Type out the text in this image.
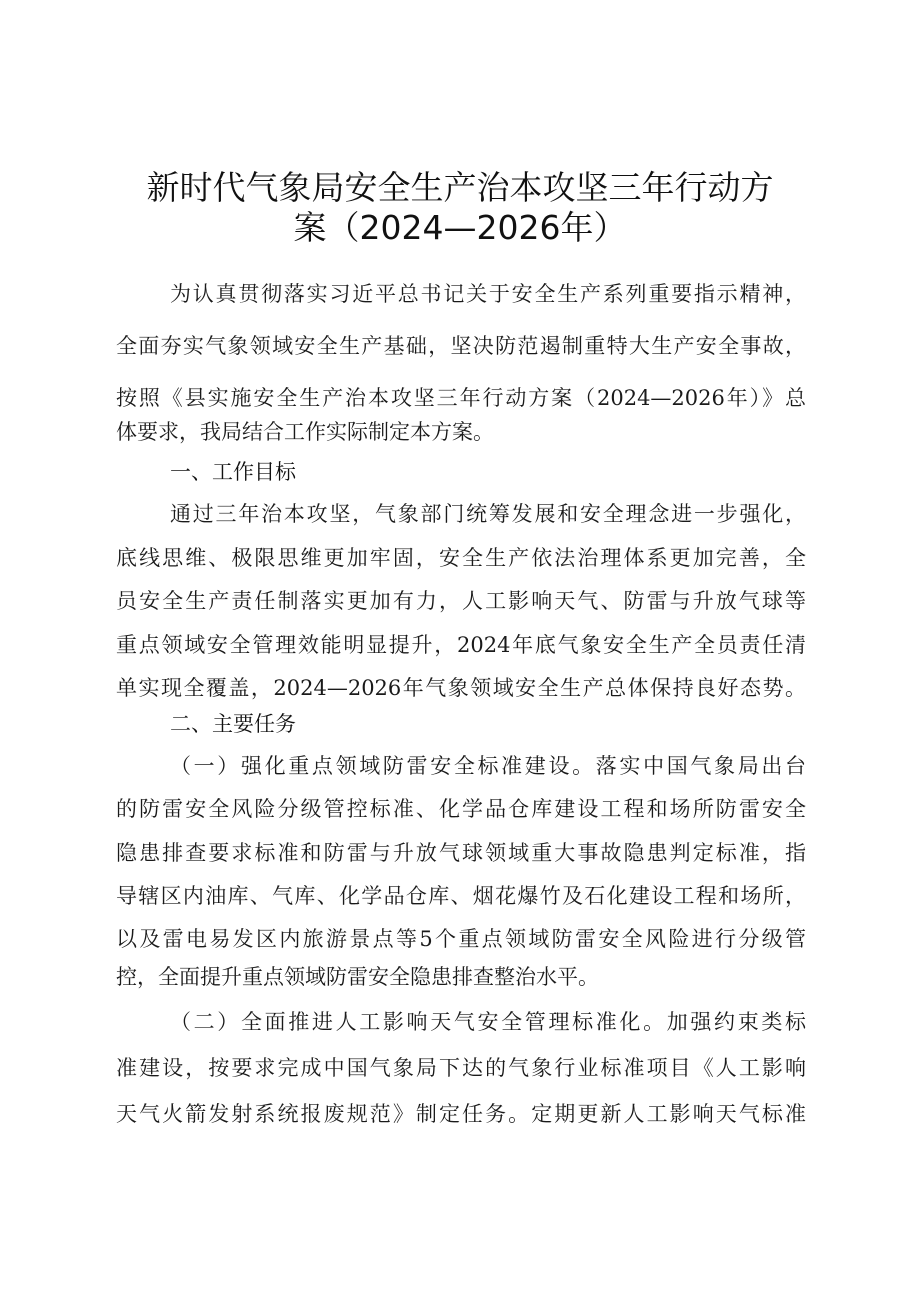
新时代气象局安全生产治本攻坚三年行动方
案（2024—2026年）
为认真贯彻落实习近平总书记关于安全生产系列重要指示精神，
全面夯实气象领域安全生产基础，坚决防范遏制重特大生产安全事故，
按照《县实施安全生产治本攻坚三年行动方案（2024—2026年）》总
体要求，我局结合工作实际制定本方案。
一、工作目标
通过三年治本攻坚，气象部门统筹发展和安全理念进一步强化，
底线思维、极限思维更加牢固，安全生产依法治理体系更加完善，全
员安全生产责任制落实更加有力，人工影响天气、防雷与升放气球等
重点领域安全管理效能明显提升，2024年底气象安全生产全员责任清
单实现全覆盖，2024—2026年气象领域安全生产总体保持良好态势。
二、主要任务
（一）强化重点领域防雷安全标准建设。落实中国气象局出台
的防雷安全风险分级管控标准、化学品仓库建设工程和场所防雷安全
隐患排查要求标准和防雷与升放气球领域重大事故隐患判定标准，指
导辖区内油库、气库、化学品仓库、烟花爆竹及石化建设工程和场所，
以及雷电易发区内旅游景点等5个重点领域防雷安全风险进行分级管
控，全面提升重点领域防雷安全隐患排查整治水平。
（二）全面推进人工影响天气安全管理标准化。加强约束类标
准建设，按要求完成中国气象局下达的气象行业标准项目《人工影响
天气火箭发射系统报废规范》制定任务。定期更新人工影响天气标准
